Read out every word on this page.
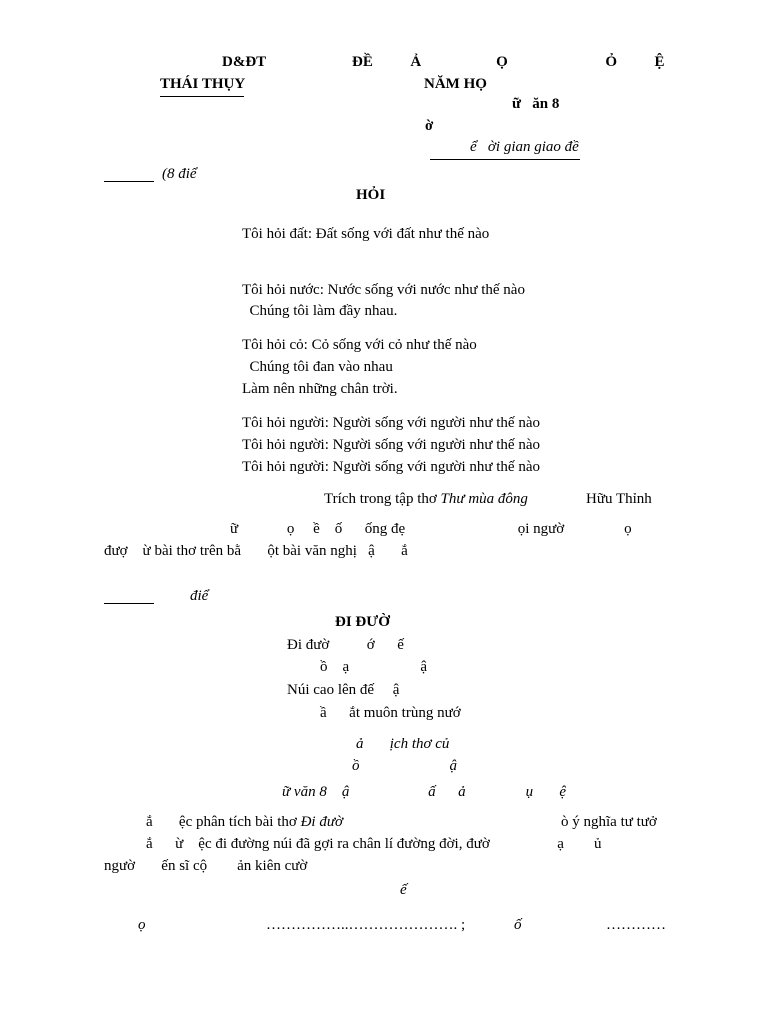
D&ĐT
THÁI THỤY
ĐỀ          Ả                    Ọ                          Ỏ          Ệ
NĂM HỌ
ữ   ăn 8
ờ
ể   ời gian giao đề
(8 điể
HỎI
Tôi hỏi đất: Đất sống với đất như thế nào
Tôi hỏi nước: Nước sống với nước như thế nào
Chúng tôi làm đầy nhau.
Tôi hỏi cỏ: Cỏ sống với cỏ như thế nào
Chúng tôi đan vào nhau
Làm nên những chân trời.
Tôi hỏi người: Người sống với người như thế nào
Tôi hỏi người: Người sống với người như thế nào
Tôi hỏi người: Người sống với người như thế nào
Trích trong tập thơ Thư mùa đông	Hữu Thỉnh
ữ             ọ     ề    ố      ống đẹ                              ọi ngườ                ọ
đượ    ừ bài thơ trên bằ       ột bài văn nghị   ậ       ắ
điể
ĐI ĐƯỜ
Đi đườ          ớ      ế
ồ    ạ                   ậ
Núi cao lên đế     ậ
ầ      ắt muôn trùng nướ
ả       ịch thơ củ
ồ                        ậ
ữ văn 8    ậ                     ấ      ả                ụ       ệ
ắ       ệc phân tích bài thơ Đi đườ	ò ý nghĩa tư tưở
ắ      ừ    ệc đi đường núi đã gợi ra chân lí đường đời, đườ                  ạ        ủ
ngườ       ến sĩ cộ        ản kiên cườ
ế
ọ	……………..…………………. ;	ố	…………
